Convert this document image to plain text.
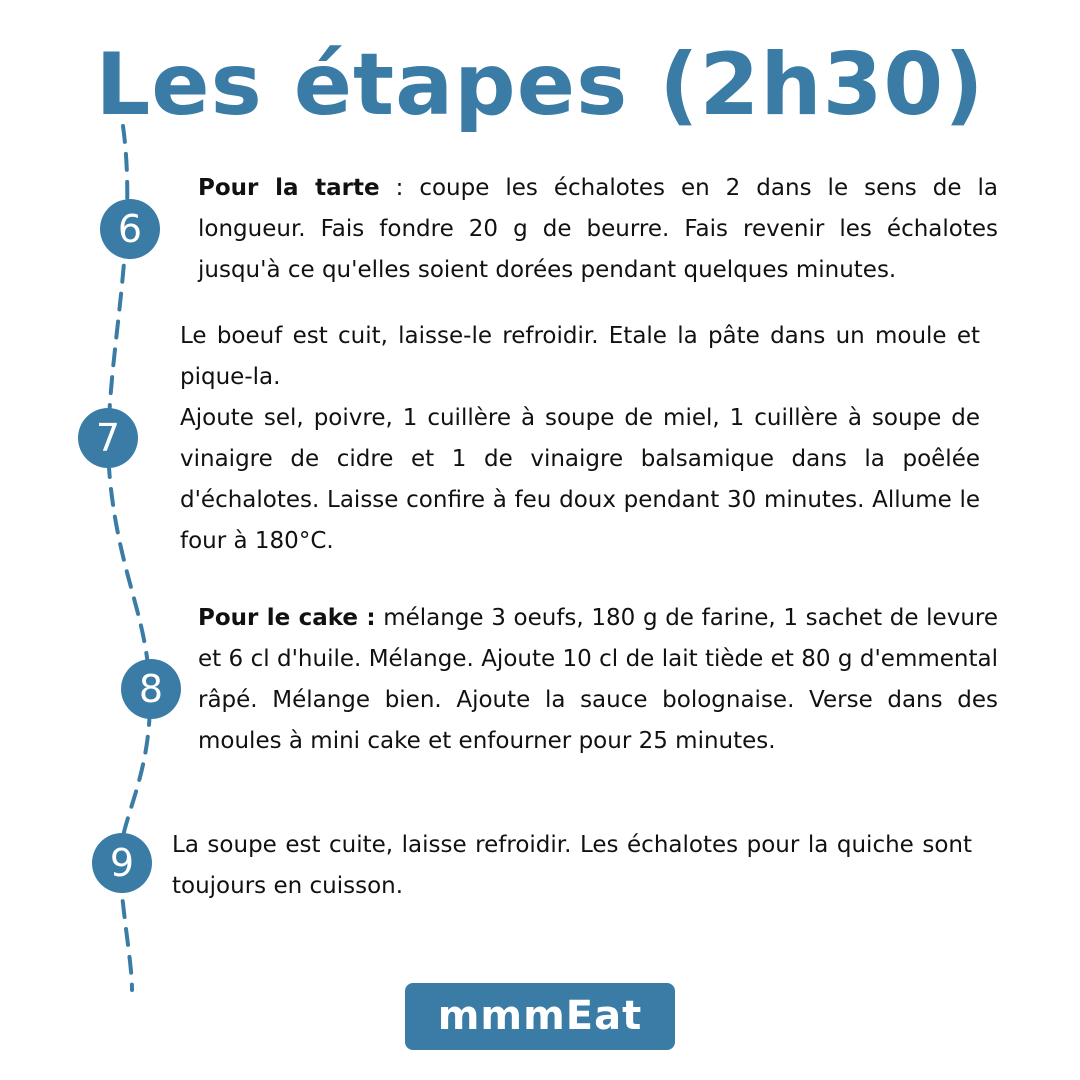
Les étapes (2h30)
6
7
8
9

Pour la tarte : coupe les échalotes en 2 dans le sens de la longueur. Fais fondre 20 g de beurre. Fais revenir les échalotes jusqu'à ce qu'elles soient dorées pendant quelques minutes.

Le boeuf est cuit, laisse-le refroidir. Etale la pâte dans un moule et pique-la.

Ajoute sel, poivre, 1 cuillère à soupe de miel, 1 cuillère à soupe de vinaigre de cidre et 1 de vinaigre balsamique dans la poêlée d'échalotes. Laisse confire à feu doux pendant 30 minutes. Allume le four à 180°C.

Pour le cake : mélange 3 oeufs, 180 g de farine, 1 sachet de levure et 6 cl d'huile. Mélange. Ajoute 10 cl de lait tiède et 80 g d'emmental râpé. Mélange bien. Ajoute la sauce bolognaise. Verse dans des moules à mini cake et enfourner pour 25 minutes.

La soupe est cuite, laisse refroidir. Les échalotes pour la quiche sont toujours en cuisson.

mmmEat
